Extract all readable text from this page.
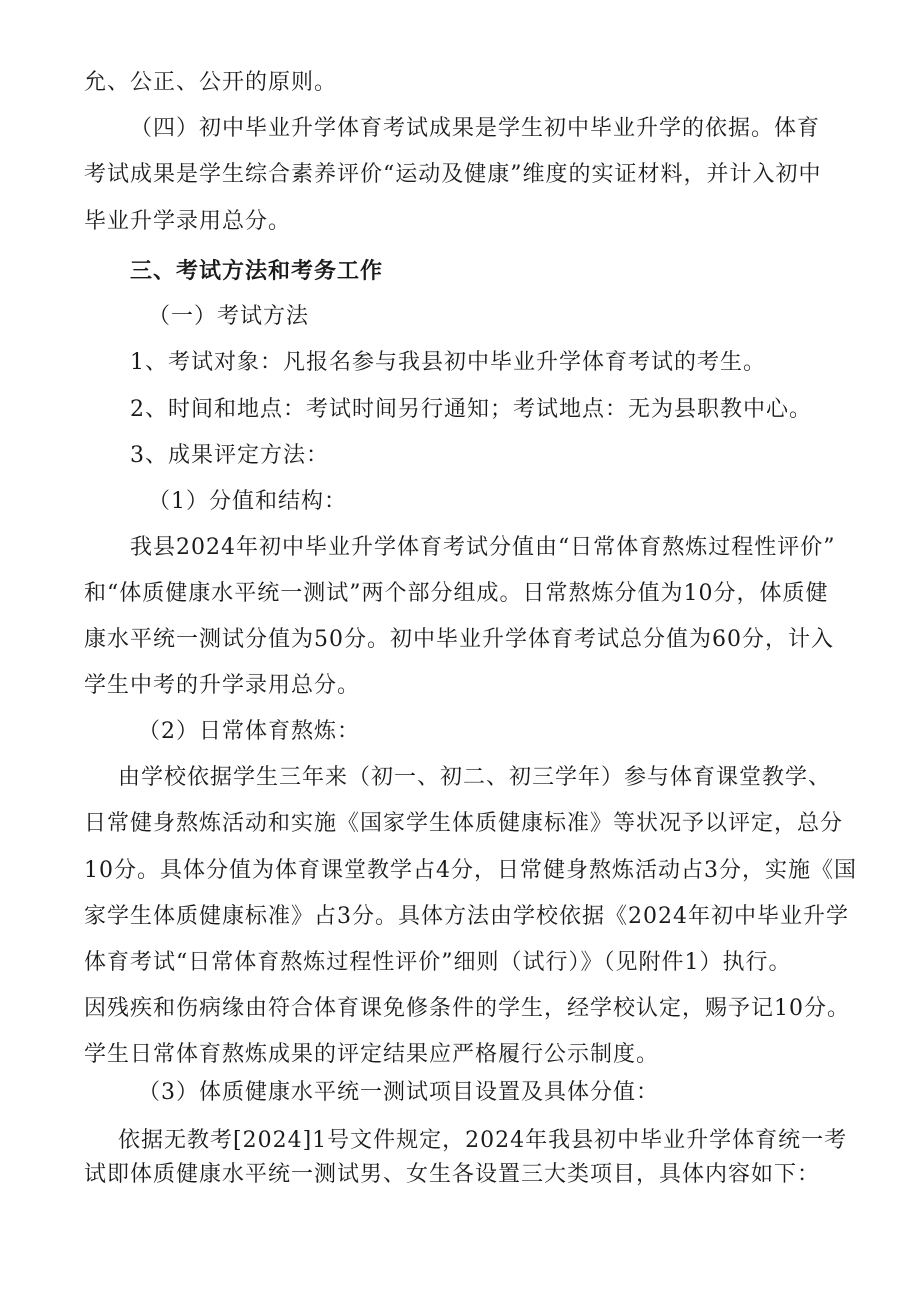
允、公正、公开的原则。
（四）初中毕业升学体育考试成果是学生初中毕业升学的依据。体育
考试成果是学生综合素养评价“运动及健康”维度的实证材料，并计入初中
毕业升学录用总分。
三、考试方法和考务工作
（一）考试方法
1、考试对象：凡报名参与我县初中毕业升学体育考试的考生。
2、时间和地点：考试时间另行通知；考试地点：无为县职教中心。
3、成果评定方法：
（1）分值和结构：
我县2024年初中毕业升学体育考试分值由“日常体育熬炼过程性评价”
和“体质健康水平统一测试”两个部分组成。日常熬炼分值为10分，体质健
康水平统一测试分值为50分。初中毕业升学体育考试总分值为60分，计入
学生中考的升学录用总分。
（2）日常体育熬炼：
由学校依据学生三年来（初一、初二、初三学年）参与体育课堂教学、
日常健身熬炼活动和实施《国家学生体质健康标准》等状况予以评定，总分
10分。具体分值为体育课堂教学占4分，日常健身熬炼活动占3分，实施《国
家学生体质健康标准》占3分。具体方法由学校依据《2024年初中毕业升学
体育考试“日常体育熬炼过程性评价”细则（试行）》（见附件1）执行。
因残疾和伤病缘由符合体育课免修条件的学生，经学校认定，赐予记10分。
学生日常体育熬炼成果的评定结果应严格履行公示制度。
（3）体质健康水平统一测试项目设置及具体分值：
依据无教考[2024]1号文件规定，2024年我县初中毕业升学体育统一考
试即体质健康水平统一测试男、女生各设置三大类项目，具体内容如下：
